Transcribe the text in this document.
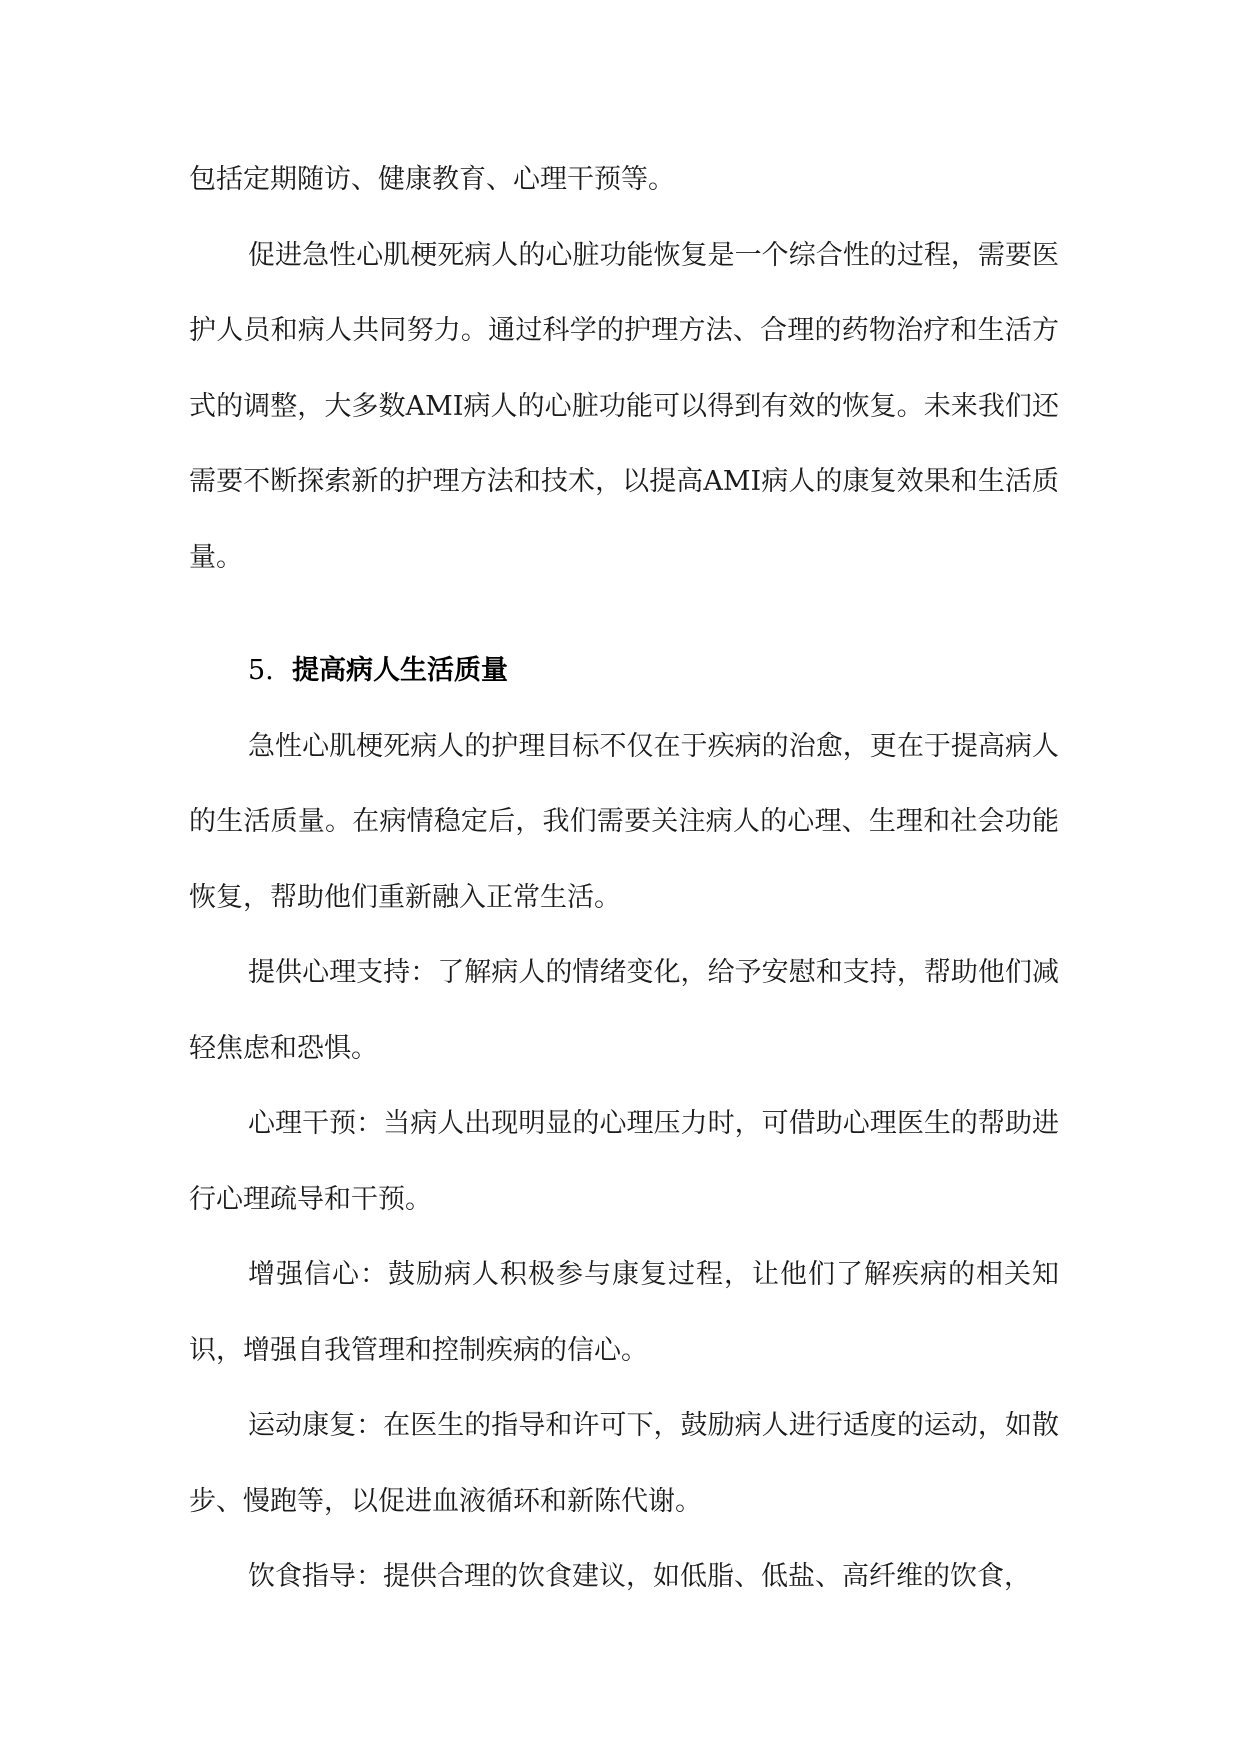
包括定期随访、健康教育、心理干预等。

促进急性心肌梗死病人的心脏功能恢复是一个综合性的过程，需要医护人员和病人共同努力。通过科学的护理方法、合理的药物治疗和生活方式的调整，大多数AMI病人的心脏功能可以得到有效的恢复。未来我们还需要不断探索新的护理方法和技术，以提高AMI病人的康复效果和生活质量。

5. 提高病人生活质量

急性心肌梗死病人的护理目标不仅在于疾病的治愈，更在于提高病人的生活质量。在病情稳定后，我们需要关注病人的心理、生理和社会功能恢复，帮助他们重新融入正常生活。

提供心理支持：了解病人的情绪变化，给予安慰和支持，帮助他们减轻焦虑和恐惧。

心理干预：当病人出现明显的心理压力时，可借助心理医生的帮助进行心理疏导和干预。

增强信心：鼓励病人积极参与康复过程，让他们了解疾病的相关知识，增强自我管理和控制疾病的信心。

运动康复：在医生的指导和许可下，鼓励病人进行适度的运动，如散步、慢跑等，以促进血液循环和新陈代谢。

饮食指导：提供合理的饮食建议，如低脂、低盐、高纤维的饮食，
